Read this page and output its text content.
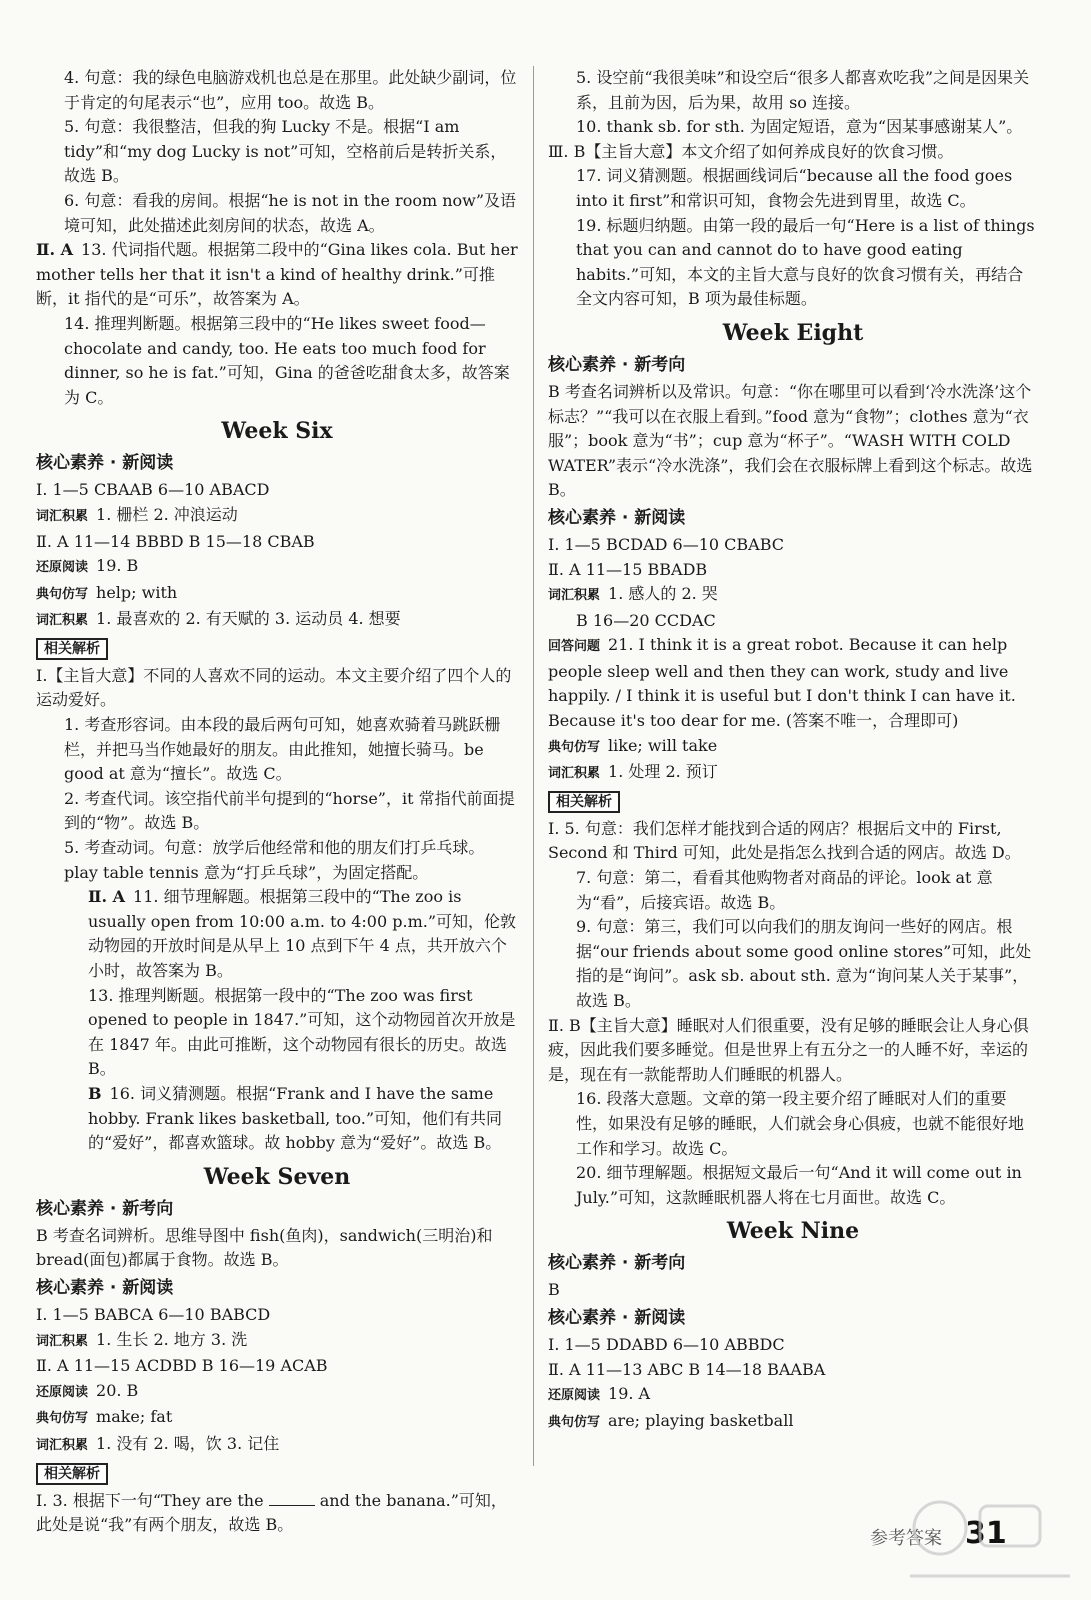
4. 句意：我的绿色电脑游戏机也总是在那里。此处缺少副词，位于肯定的句尾表示“也”，应用 too。故选 B。

5. 句意：我很整洁，但我的狗 Lucky 不是。根据“I am tidy”和“my dog Lucky is not”可知，空格前后是转折关系，故选 B。

6. 句意：看我的房间。根据“he is not in the room now”及语境可知，此处描述此刻房间的状态，故选 A。

Ⅱ. A 13. 代词指代题。根据第二段中的“Gina likes cola. But her mother tells her that it isn't a kind of healthy drink.”可推断，it 指代的是“可乐”，故答案为 A。

14. 推理判断题。根据第三段中的“He likes sweet food—chocolate and candy, too. He eats too much food for dinner, so he is fat.”可知，Gina 的爸爸吃甜食太多，故答案为 C。

Week Six
核心素养 · 新阅读

Ⅰ. 1—5 CBAAB 6—10 ABACD

词汇积累 1. 栅栏 2. 冲浪运动

Ⅱ. A 11—14 BBBD B 15—18 CBAB

还原阅读 19. B

典句仿写 help; with

词汇积累 1. 最喜欢的 2. 有天赋的 3. 运动员 4. 想要

相关解析

Ⅰ.【主旨大意】不同的人喜欢不同的运动。本文主要介绍了四个人的运动爱好。

1. 考查形容词。由本段的最后两句可知，她喜欢骑着马跳跃栅栏，并把马当作她最好的朋友。由此推知，她擅长骑马。be good at 意为“擅长”。故选 C。

2. 考查代词。该空指代前半句提到的“horse”，it 常指代前面提到的“物”。故选 B。

5. 考查动词。句意：放学后他经常和他的朋友们打乒乓球。play table tennis 意为“打乒乓球”，为固定搭配。

Ⅱ. A 11. 细节理解题。根据第三段中的“The zoo is usually open from 10:00 a.m. to 4:00 p.m.”可知，伦敦动物园的开放时间是从早上 10 点到下午 4 点，共开放六个小时，故答案为 B。

13. 推理判断题。根据第一段中的“The zoo was first opened to people in 1847.”可知，这个动物园首次开放是在 1847 年。由此可推断，这个动物园有很长的历史。故选 B。

B 16. 词义猜测题。根据“Frank and I have the same hobby. Frank likes basketball, too.”可知，他们有共同的“爱好”，都喜欢篮球。故 hobby 意为“爱好”。故选 B。

Week Seven
核心素养 · 新考向

B 考查名词辨析。思维导图中 fish(鱼肉)，sandwich(三明治)和 bread(面包)都属于食物。故选 B。

核心素养 · 新阅读

Ⅰ. 1—5 BABCA 6—10 BABCD

词汇积累 1. 生长 2. 地方 3. 洗

Ⅱ. A 11—15 ACDBD B 16—19 ACAB

还原阅读 20. B

典句仿写 make; fat

词汇积累 1. 没有 2. 喝，饮 3. 记住

相关解析
Ⅰ. 3. 根据下一句“They are the	and the banana.”可知，此处是说“我”有两个朋友，故选 B。

5. 设空前“我很美味”和设空后“很多人都喜欢吃我”之间是因果关系，且前为因，后为果，故用 so 连接。

10. thank sb. for sth. 为固定短语，意为“因某事感谢某人”。

Ⅲ. B【主旨大意】本文介绍了如何养成良好的饮食习惯。

17. 词义猜测题。根据画线词后“because all the food goes into it first”和常识可知，食物会先进到胃里，故选 C。

19. 标题归纳题。由第一段的最后一句“Here is a list of things that you can and cannot do to have good eating habits.”可知，本文的主旨大意与良好的饮食习惯有关，再结合全文内容可知，B 项为最佳标题。

Week Eight
核心素养 · 新考向

B 考查名词辨析以及常识。句意：“你在哪里可以看到‘冷水洗涤’这个标志？”“我可以在衣服上看到。”food 意为“食物”；clothes 意为“衣服”；book 意为“书”；cup 意为“杯子”。“WASH WITH COLD WATER”表示“冷水洗涤”，我们会在衣服标牌上看到这个标志。故选 B。

核心素养 · 新阅读

Ⅰ. 1—5 BCDAD 6—10 CBABC

Ⅱ. A 11—15 BBADB

词汇积累 1. 感人的 2. 哭

B 16—20 CCDAC

回答问题 21. I think it is a great robot. Because it can help people sleep well and then they can work, study and live happily. / I think it is useful but I don't think I can have it. Because it's too dear for me. (答案不唯一，合理即可)

典句仿写 like; will take

词汇积累 1. 处理 2. 预订

相关解析

Ⅰ. 5. 句意：我们怎样才能找到合适的网店？根据后文中的 First, Second 和 Third 可知，此处是指怎么找到合适的网店。故选 D。

7. 句意：第二，看看其他购物者对商品的评论。look at 意为“看”，后接宾语。故选 B。

9. 句意：第三，我们可以向我们的朋友询问一些好的网店。根据“our friends about some good online stores”可知，此处指的是“询问”。ask sb. about sth. 意为“询问某人关于某事”，故选 B。

Ⅱ. B【主旨大意】睡眠对人们很重要，没有足够的睡眠会让人身心俱疲，因此我们要多睡觉。但是世界上有五分之一的人睡不好，幸运的是，现在有一款能帮助人们睡眠的机器人。

16. 段落大意题。文章的第一段主要介绍了睡眠对人们的重要性，如果没有足够的睡眠，人们就会身心俱疲，也就不能很好地工作和学习。故选 C。

20. 细节理解题。根据短文最后一句“And it will come out in July.”可知，这款睡眠机器人将在七月面世。故选 C。

Week Nine
核心素养 · 新考向

B

核心素养 · 新阅读

Ⅰ. 1—5 DDABD 6—10 ABBDC

Ⅱ. A 11—13 ABC B 14—18 BAABA

还原阅读 19. A

典句仿写 are; playing basketball

参考答案 31
